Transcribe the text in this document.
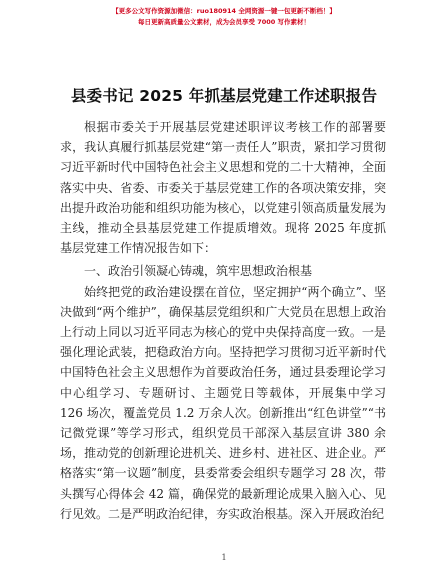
【更多公文写作资源加微信：ruo180914 全网资源一键一包更新不断档！】
每日更新高质量公文素材，成为会员享受 7000 写作素材！
县委书记 2025 年抓基层党建工作述职报告

根据市委关于开展基层党建述职评议考核工作的部署要求，我认真履行抓基层党建“第一责任人”职责，紧扣学习贯彻习近平新时代中国特色社会主义思想和党的二十大精神，全面落实中央、省委、市委关于基层党建工作的各项决策安排，突出提升政治功能和组织功能为核心，以党建引领高质量发展为主线，推动全县基层党建工作提质增效。现将 2025 年度抓基层党建工作情况报告如下：

一、政治引领凝心铸魂，筑牢思想政治根基

始终把党的政治建设摆在首位，坚定拥护“两个确立”、坚决做到“两个维护”，确保基层党组织和广大党员在思想上政治上行动上同以习近平同志为核心的党中央保持高度一致。一是强化理论武装，把稳政治方向。坚持把学习贯彻习近平新时代中国特色社会主义思想作为首要政治任务，通过县委理论学习中心组学习、专题研讨、主题党日等载体，开展集中学习 126 场次，覆盖党员 1.2 万余人次。创新推出“红色讲堂”“书记微党课”等学习形式，组织党员干部深入基层宣讲 380 余场，推动党的创新理论进机关、进乡村、进社区、进企业。严格落实“第一议题”制度，县委常委会组织专题学习 28 次，带头撰写心得体会 42 篇，确保党的最新理论成果入脑入心、见行见效。二是严明政治纪律，夯实政治根基。深入开展政治纪

1
